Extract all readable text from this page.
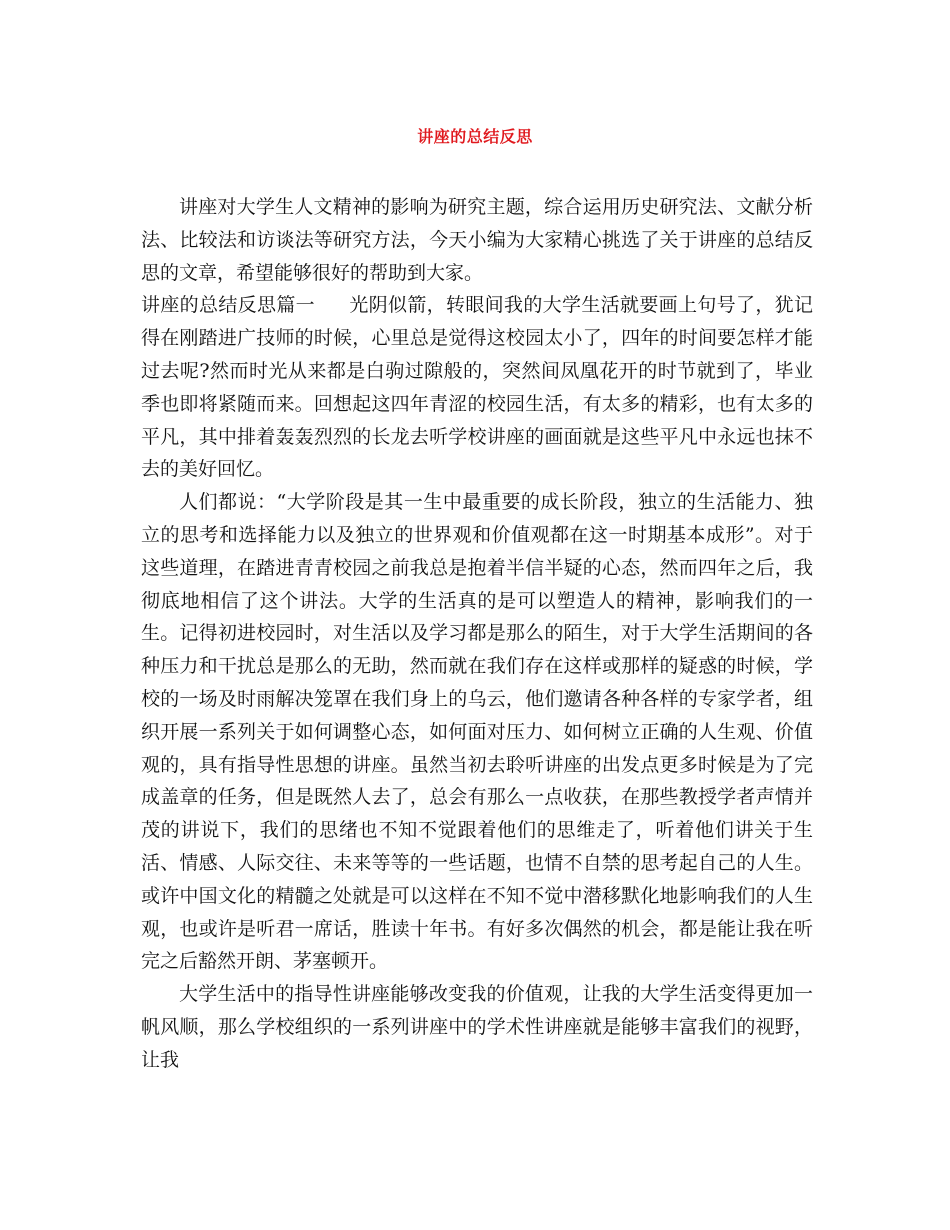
讲座的总结反思

讲座对大学生人文精神的影响为研究主题，综合运用历史研究法、文献分析法、比较法和访谈法等研究方法，今天小编为大家精心挑选了关于讲座的总结反思的文章，希望能够很好的帮助到大家。

讲座的总结反思篇一 光阴似箭，转眼间我的大学生活就要画上句号了，犹记得在刚踏进广技师的时候，心里总是觉得这校园太小了，四年的时间要怎样才能过去呢?然而时光从来都是白驹过隙般的，突然间凤凰花开的时节就到了，毕业季也即将紧随而来。回想起这四年青涩的校园生活，有太多的精彩，也有太多的平凡，其中排着轰轰烈烈的长龙去听学校讲座的画面就是这些平凡中永远也抹不去的美好回忆。

人们都说：“大学阶段是其一生中最重要的成长阶段，独立的生活能力、独立的思考和选择能力以及独立的世界观和价值观都在这一时期基本成形”。对于这些道理，在踏进青青校园之前我总是抱着半信半疑的心态，然而四年之后，我彻底地相信了这个讲法。大学的生活真的是可以塑造人的精神，影响我们的一生。记得初进校园时，对生活以及学习都是那么的陌生，对于大学生活期间的各种压力和干扰总是那么的无助，然而就在我们存在这样或那样的疑惑的时候，学校的一场及时雨解决笼罩在我们身上的乌云，他们邀请各种各样的专家学者，组织开展一系列关于如何调整心态，如何面对压力、如何树立正确的人生观、价值观的，具有指导性思想的讲座。虽然当初去聆听讲座的出发点更多时候是为了完成盖章的任务，但是既然人去了，总会有那么一点收获，在那些教授学者声情并茂的讲说下，我们的思绪也不知不觉跟着他们的思维走了，听着他们讲关于生活、情感、人际交往、未来等等的一些话题，也情不自禁的思考起自己的人生。或许中国文化的精髓之处就是可以这样在不知不觉中潜移默化地影响我们的人生观，也或许是听君一席话，胜读十年书。有好多次偶然的机会，都是能让我在听完之后豁然开朗、茅塞顿开。

大学生活中的指导性讲座能够改变我的价值观，让我的大学生活变得更加一帆风顺，那么学校组织的一系列讲座中的学术性讲座就是能够丰富我们的视野，让我
